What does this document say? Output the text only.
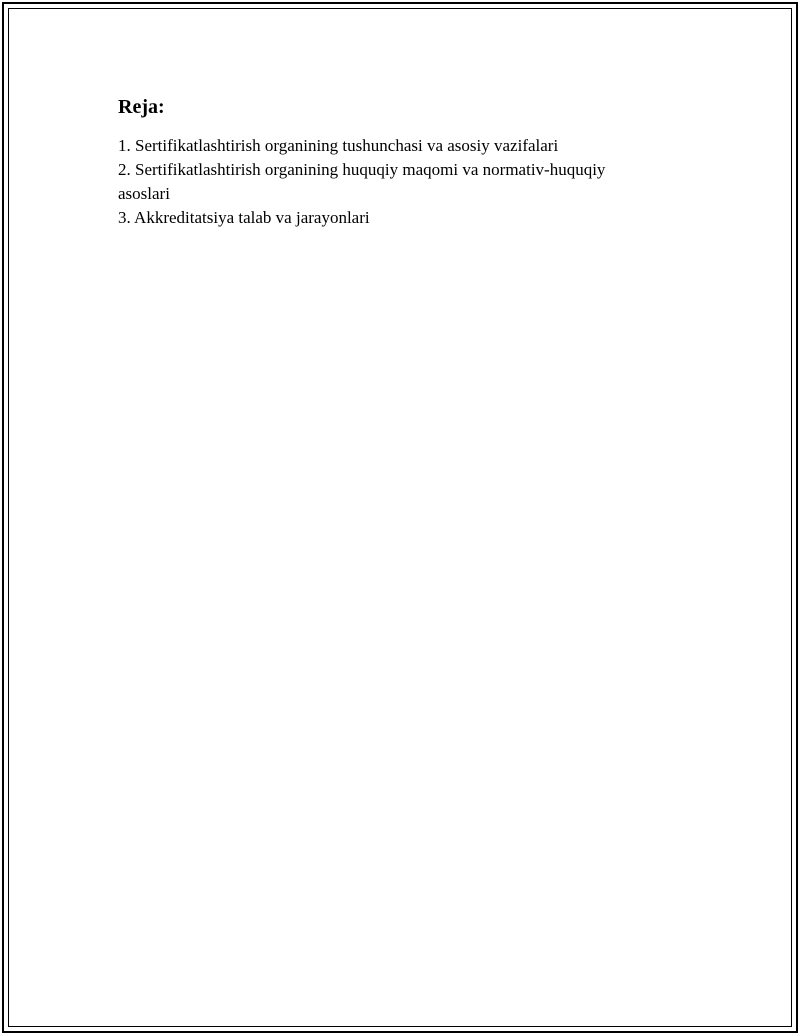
Reja:
1. Sertifikatlashtirish organining tushunchasi va asosiy vazifalari
2. Sertifikatlashtirish organining huquqiy maqomi va normativ-huquqiy asoslari
3. Akkreditatsiya talab va jarayonlari
